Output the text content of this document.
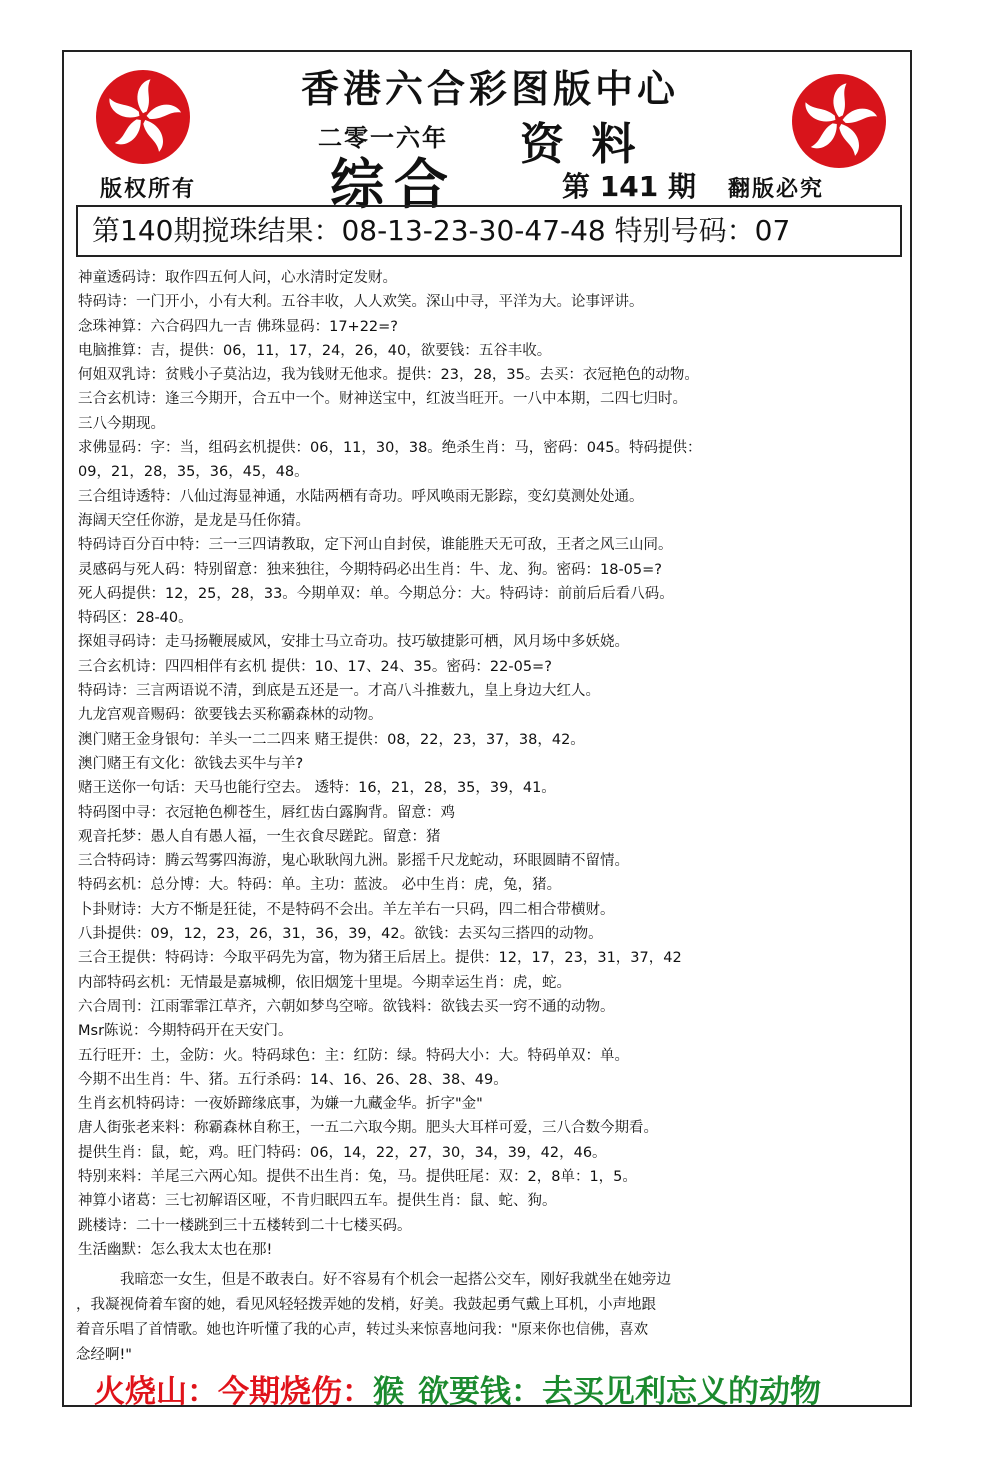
香港六合彩图版中心
二零一六年 资 料
综合	第 141 期
版权所有	翻版必究
第140期搅珠结果：08-13-23-30-47-48 特别号码：07
神童透码诗：取作四五何人问，心水清时定发财。
特码诗：一门开小，小有大利。五谷丰收，人人欢笑。深山中寻，平洋为大。论事评讲。
念珠神算：六合码四九一吉 佛珠显码：17+22=?
电脑推算：吉，提供：06，11，17，24，26，40，欲要钱：五谷丰收。
何姐双乳诗：贫贱小子莫沾边，我为钱财无他求。提供：23，28，35。去买：衣冠艳色的动物。
三合玄机诗：逢三今期开，合五中一个。财神送宝中，红波当旺开。一八中本期，二四七归时。
三八今期现。
求佛显码：字：当，组码玄机提供：06，11，30，38。绝杀生肖：马，密码：045。特码提供：
09，21，28，35，36，45，48。
三合组诗透特：八仙过海显神通，水陆两栖有奇功。呼风唤雨无影踪，变幻莫测处处通。
海阔天空任你游，是龙是马任你猜。
特码诗百分百中特：三一三四请教取，定下河山自封侯，谁能胜天无可敌，王者之风三山同。
灵感码与死人码：特别留意：独来独往，今期特码必出生肖：牛、龙、狗。密码：18-05=?
死人码提供：12，25，28，33。今期单双：单。今期总分：大。特码诗：前前后后看八码。
特码区：28-40。
探姐寻码诗：走马扬鞭展威风，安排士马立奇功。技巧敏捷影可栖，风月场中多妖娆。
三合玄机诗：四四相伴有玄机 提供：10、17、24、35。密码：22-05=?
特码诗：三言两语说不清，到底是五还是一。才高八斗推薮九，皇上身边大红人。
九龙宫观音赐码：欲要钱去买称霸森林的动物。
澳门赌王金身银句：羊头一二二四来 赌王提供：08，22，23，37，38，42。
澳门赌王有文化：欲钱去买牛与羊?
赌王送你一句话：天马也能行空去。 透特：16，21，28，35，39，41。
特码图中寻：衣冠艳色柳苍生，唇红齿白露胸背。留意：鸡
观音托梦：愚人自有愚人福，一生衣食尽蹉跎。留意：猪
三合特码诗：腾云驾雾四海游，鬼心耿耿闯九洲。影摇千尺龙蛇动，环眼圆睛不留情。
特码玄机：总分博：大。特码：单。主功：蓝波。 必中生肖：虎，兔，猪。
卜卦财诗：大方不惭是狂徒，不是特码不会出。羊左羊右一只码，四二相合带横财。
八卦提供：09，12，23，26，31，36，39，42。欲钱：去买勾三搭四的动物。
三合王提供：特码诗：今取平码先为富，物为猪王后居上。提供：12，17，23，31，37，42
内部特码玄机：无情最是嘉城柳，依旧烟笼十里堤。今期幸运生肖：虎，蛇。
六合周刊：江雨霏霏江草齐，六朝如梦鸟空啼。欲钱料：欲钱去买一窍不通的动物。
Msr陈说：今期特码开在天安门。
五行旺开：土，金防：火。特码球色：主：红防：绿。特码大小：大。特码单双：单。
今期不出生肖：牛、猪。五行杀码：14、16、26、28、38、49。
生肖玄机特码诗：一夜娇蹄缘底事，为嫌一九藏金华。折字"金"
唐人街张老来料：称霸森林自称王，一五二六取今期。肥头大耳样可爱，三八合数今期看。
提供生肖：鼠，蛇，鸡。旺门特码：06，14，22，27，30，34，39，42，46。
特别来料：羊尾三六两心知。提供不出生肖：兔，马。提供旺尾：双：2，8单：1，5。
神算小诸葛：三七初解语区哑，不肯归眠四五车。提供生肖：鼠、蛇、狗。
跳楼诗：二十一楼跳到三十五楼转到二十七楼买码。
生活幽默：怎么我太太也在那!

我暗恋一女生，但是不敢表白。好不容易有个机会一起搭公交车，刚好我就坐在她旁边

，我凝视倚着车窗的她，看见风轻轻拨弄她的发梢，好美。我鼓起勇气戴上耳机，小声地跟

着音乐唱了首情歌。她也许听懂了我的心声，转过头来惊喜地问我："原来你也信佛，喜欢

念经啊!"

火烧山：今期烧伤：猴 欲要钱：去买见利忘义的动物
